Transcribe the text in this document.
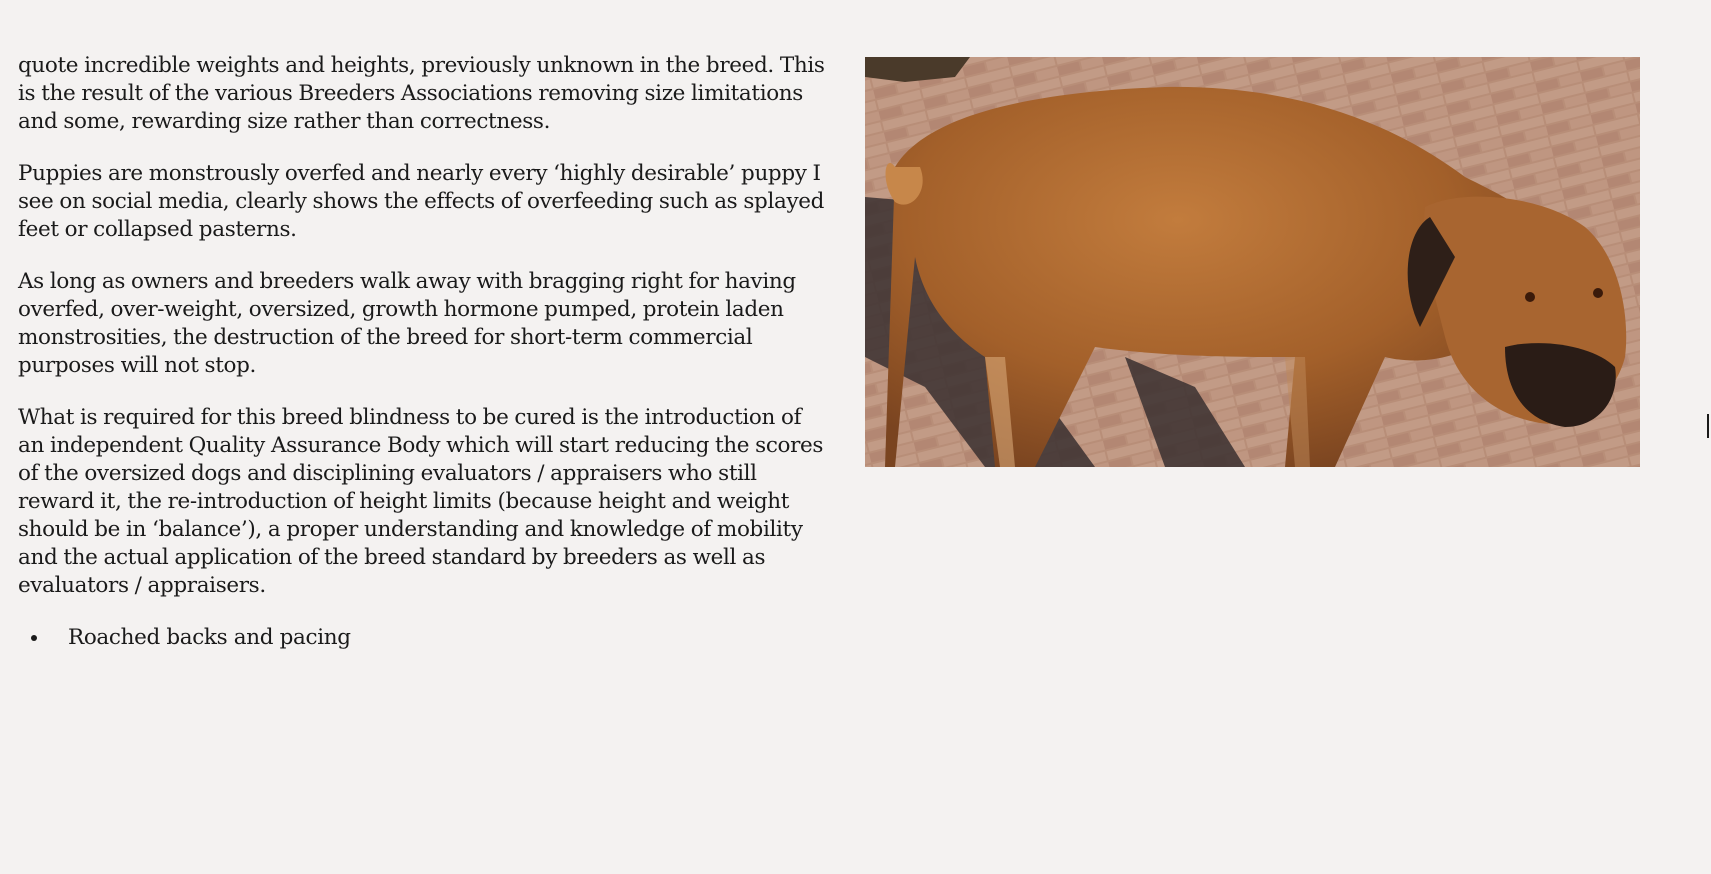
quote incredible weights and heights, previously unknown in the breed. This is the result of the various Breeders Associations removing size limitations and some, rewarding size rather than correctness.

Puppies are monstrously overfed and nearly every ‘highly desirable’ puppy I see on social media, clearly shows the effects of overfeeding such as splayed feet or collapsed pasterns.

As long as owners and breeders walk away with bragging right for having overfed, over-weight, oversized, growth hormone pumped, protein laden monstrosities, the destruction of the breed for short-term commercial purposes will not stop.

What is required for this breed blindness to be cured is the introduction of an independent Quality Assurance Body which will start reducing the scores of the oversized dogs and disciplining evaluators / appraisers who still reward it, the re-introduction of height limits (because height and weight should be in ‘balance’), a proper understanding and knowledge of mobility and the actual application of the breed standard by breeders as well as evaluators / appraisers.

• Roached backs and pacing
